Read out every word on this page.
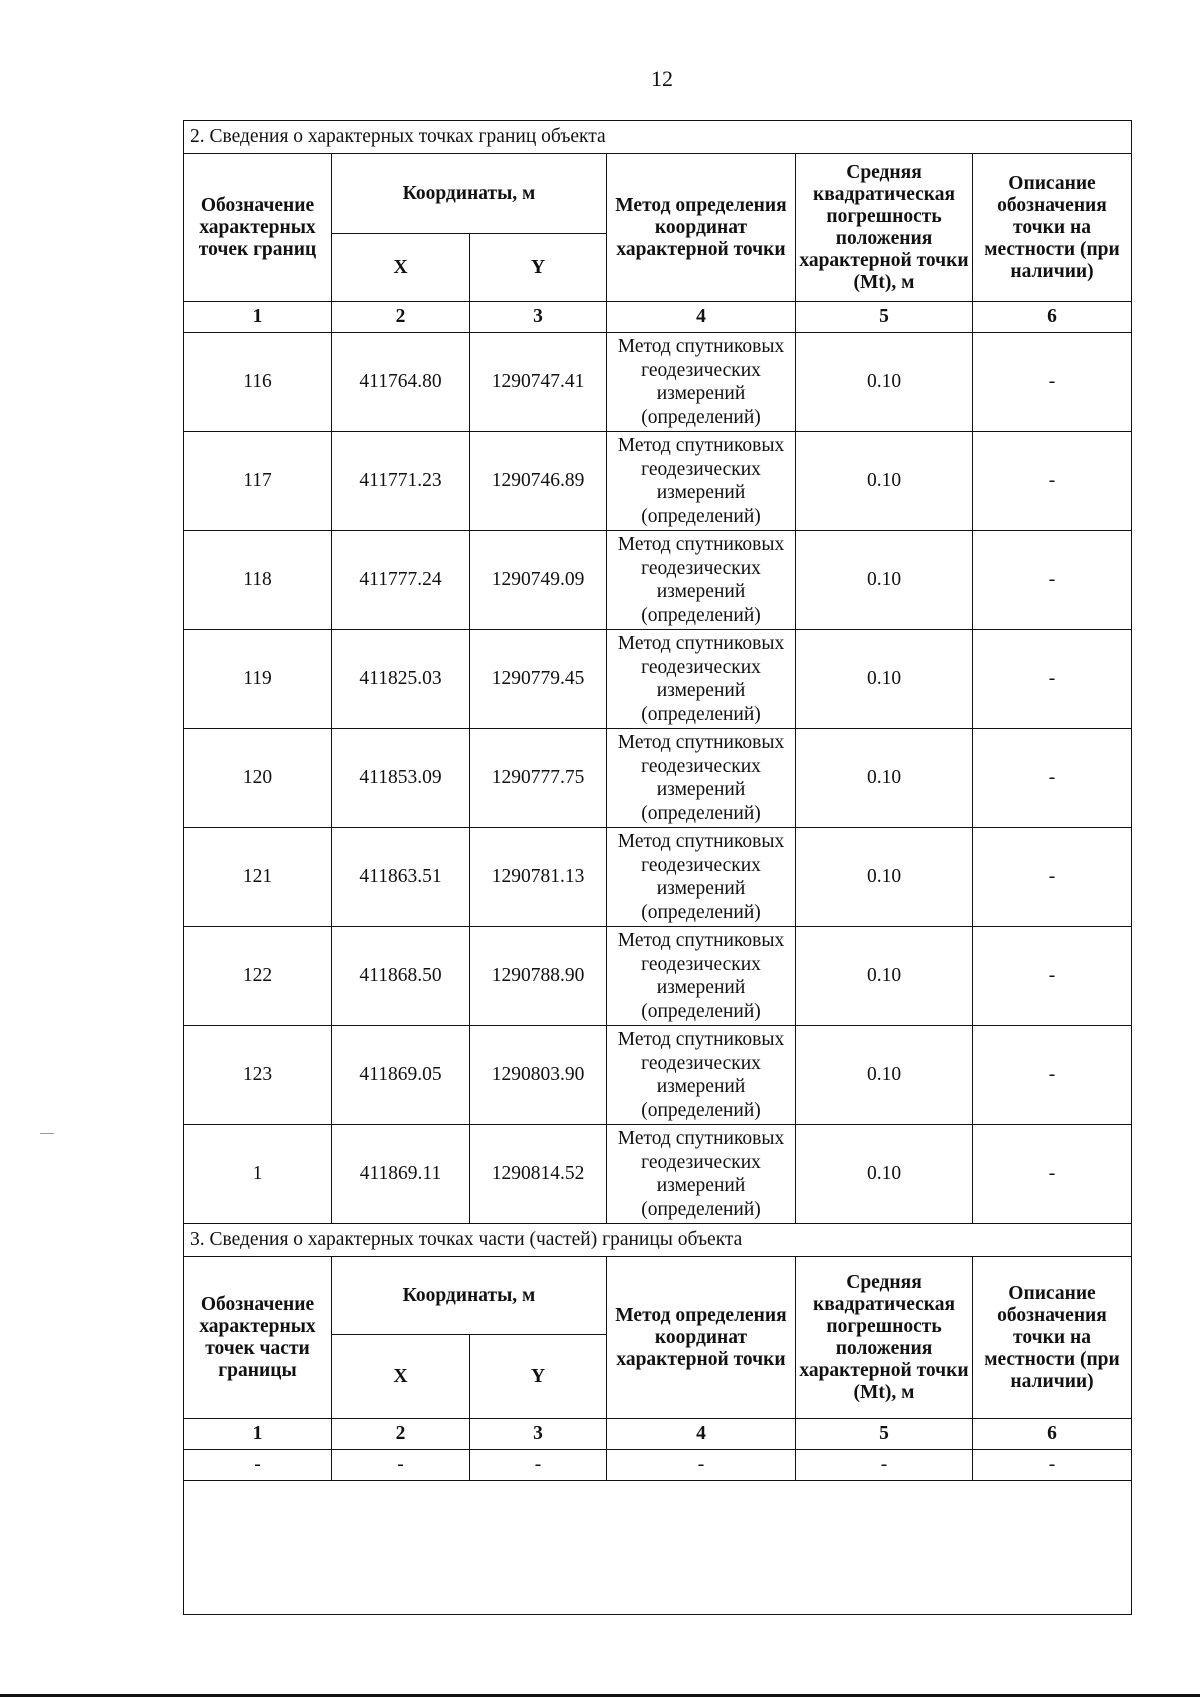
12
2. Сведения о характерных точках границ объекта					
Обозначение характерных точек границ	Координаты, м		Метод определения координат характерной точки	Средняя квадратическая погрешность положения характерной точки (Mt), м	Описание обозначения точки на местности (при наличии)
	X	Y			
1	2	3	4	5	6
116	411764.80	1290747.41	Метод спутниковых геодезических измерений (определений)	0.10	-
117	411771.23	1290746.89	Метод спутниковых геодезических измерений (определений)	0.10	-
118	411777.24	1290749.09	Метод спутниковых геодезических измерений (определений)	0.10	-
119	411825.03	1290779.45	Метод спутниковых геодезических измерений (определений)	0.10	-
120	411853.09	1290777.75	Метод спутниковых геодезических измерений (определений)	0.10	-
121	411863.51	1290781.13	Метод спутниковых геодезических измерений (определений)	0.10	-
122	411868.50	1290788.90	Метод спутниковых геодезических измерений (определений)	0.10	-
123	411869.05	1290803.90	Метод спутниковых геодезических измерений (определений)	0.10	-
1	411869.11	1290814.52	Метод спутниковых геодезических измерений (определений)	0.10	-
3. Сведения о характерных точках части (частей) границы объекта					
Обозначение характерных точек части границы	Координаты, м		Метод определения координат характерной точки	Средняя квадратическая погрешность положения характерной точки (Mt), м	Описание обозначения точки на местности (при наличии)
	X	Y			
1	2	3	4	5	6
-	-	-	-	-	-
